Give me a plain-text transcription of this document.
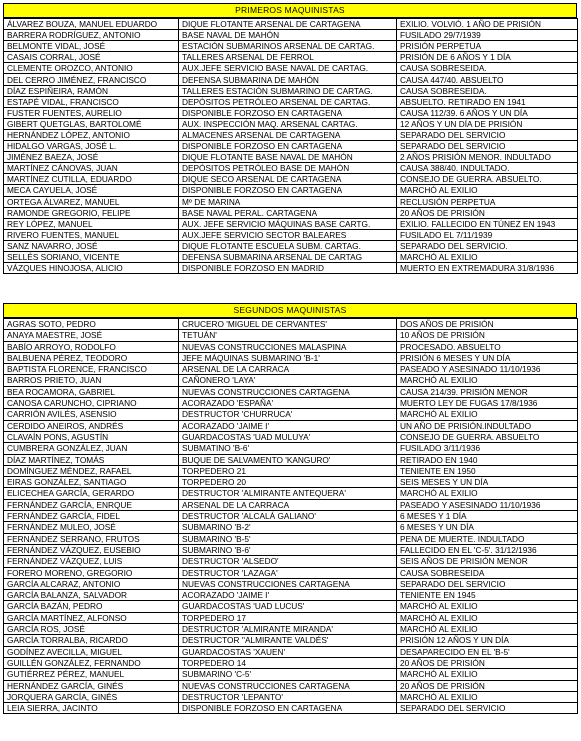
PRIMEROS MAQUINISTAS
ÁLVAREZ BOUZA, MANUEL EDUARDO	DIQUE FLOTANTE ARSENAL DE CARTAGENA	EXILIO. VOLVIÓ. 1 AÑO DE PRISIÓN
BARRERA RODRÍGUEZ, ANTONIO	BASE NAVAL DE MAHÓN	FUSILADO 29/7/1939
BELMONTE VIDAL, JOSÉ	ESTACIÓN SUBMARINOS ARSENAL DE CARTAG.	PRISIÓN PERPETUA
CASAIS CORRAL, JOSÉ	TALLERES ARSENAL DE FERROL	PRISIÓN DE 6 AÑOS Y 1 DÍA
CLEMENTE OROZCO, ANTONIO	AUX.JEFE SERVICIO BASE NAVAL DE CARTAG.	CAUSA SOBRESEIDA.
DEL CERRO JIMÉNEZ, FRANCISCO	DEFENSA SUBMARINA DE MAHÓN	CAUSA 447/40. ABSUELTO
DÍAZ ESPIÑEIRA, RAMÓN	TALLERES ESTACIÓN SUBMARINO DE CARTAG.	CAUSA SOBRESEIDA.
ESTAPÉ VIDAL, FRANCISCO	DEPÓSITOS PETRÓLEO ARSENAL DE CARTAG.	ABSUELTO. RETIRADO EN 1941
FUSTER FUENTES, AURELIO	DISPONIBLE FORZOSO EN CARTAGENA	CAUSA 112/39. 6 AÑOS Y UN DÍA
GIBERT QUETGLAS, BARTOLOMÉ	AUX. INSPECCIÓN MAQ. ARSENAL CARTAG.	12 AÑOS Y UN DÍA DE PRISIÓN
HERNÁNDEZ LÓPEZ, ANTONIO	ALMACENES ARSENAL DE CARTAGENA	SEPARADO DEL SERVICIO
HIDALGO VARGAS, JOSÉ L.	DISPONIBLE FORZOSO EN CARTAGENA	SEPARADO DEL SERVICIO
JIMÉNEZ BAEZA, JOSÉ	DIQUE FLOTANTE BASE NAVAL DE MAHÓN	2 AÑOS PRISIÓN MENOR. INDULTADO
MARTÍNEZ CÁNOVAS, JUAN	DEPÓSITOS PETRÓLEO BASE DE MAHÓN	CAUSA 388/40. INDULTADO.
MARTÍNEZ CUTILLA, EDUARDO	DIQUE SECO ARSENAL DE CARTAGENA	CONSEJO DE GUERRA. ABSUELTO.
MECA CAYUELA, JOSÉ	DISPONIBLE FORZOSO EN CARTAGENA	MARCHÓ AL EXILIO
ORTEGA ÁLVAREZ, MANUEL	Mº DE MARINA	RECLUSIÓN PERPETUA
RAMONDE GREGORIO, FELIPE	BASE NAVAL PERAL. CARTAGENA	20 AÑOS DE PRISIÓN
REY LÓPEZ, MANUEL	AUX. JEFE SERVICIO MÁQUINAS BASE CARTG.	EXILIO. FALLECIDO EN TÚNEZ EN 1943
RIVERO FUENTES, MANUEL	AUX.JEFE SERVICIO SECTOR BALEARES	FUSILADO EL 7/11/1939
SANZ NAVARRO, JOSÉ	DIQUE FLOTANTE ESCUELA SUBM. CARTAG.	SEPARADO DEL SERVICIO.
SELLÉS SORIANO, VICENTE	DEFENSA SUBMARINA ARSENAL DE CARTAG	MARCHÓ AL EXILIO
VÁZQUES HINOJOSA, ALICIO	DISPONIBLE FORZOSO EN MADRID	MUERTO EN EXTREMADURA 31/8/1936
SEGUNDOS MAQUINISTAS
AGRAS SOTO, PEDRO	CRUCERO 'MIGUEL DE CERVANTES'	DOS AÑOS DE PRISIÓN
ANAYA MAESTRE, JOSÉ	TETUÁN'	10 AÑOS DE PRISIÓN
BABÍO ARROYO, RODOLFO	NUEVAS CONSTRUCCIONES MALASPINA	PROCESADO. ABSUELTO
BALBUENA PÉREZ, TEODORO	JEFE MÁQUINAS SUBMARINO 'B-1'	PRISIÓN 6 MESES Y UN DÍA
BAPTISTA FLORENCE, FRANCISCO	ARSENAL DE LA CARRACA	PASEADO Y ASESINADO 11/10/1936
BARROS PRIETO, JUAN	CAÑONERO 'LAYA'	MARCHÓ AL EXILIO
BEA ROCAMORA, GABRIEL	NUEVAS CONSTRUCCIONES CARTAGENA	CAUSA 214/39. PRISIÓN MENOR
CANOSA CARUNCHO, CIPRIANO	ACORAZADO 'ESPAÑA'	MUERTO LEY DE FUGAS 17/8/1936
CARRIÓN AVILÉS, ASENSIO	DESTRUCTOR 'CHURRUCA'	MARCHÓ AL EXILIO
CERDIDO ANEIROS, ANDRÉS	ACORAZADO 'JAIME I'	UN AÑO DE PRISIÓN.INDULTADO
CLAVAÍN PONS, AGUSTÍN	GUARDACOSTAS 'UAD MULUYA'	CONSEJO DE GUERRA. ABSUELTO
CUMBRERA GONZÁLEZ, JUAN	SUBMATINO 'B-6'	FUSILADO 3/11/1936
DÍAZ MARTÍNEZ, TOMÁS	BUQUE DE SALVAMENTO 'KANGURO'	RETIRADO EN 1940
DOMÍNGUEZ MÉNDEZ, RAFAEL	TORPEDERO 21	TENIENTE EN 1950
EIRAS GONZÁLEZ, SANTIAGO	TORPEDERO 20	SEIS MESES Y UN DÍA
ELICECHEA GARCÍA, GERARDO	DESTRUCTOR 'ALMIRANTE ANTEQUERA'	MARCHÓ AL EXILIO
FERNÁNDEZ GARCÍA, ENRQUE	ARSENAL DE LA CARRACA	PASEADO Y ASESINADO 11/10/1936
FERNÁNDEZ GARCÍA, FIDEL	DESTRUCTOR 'ALCALÁ GALIANO'	6 MESES Y 1 DÍA
FERNÁNDEZ MULEO, JOSÉ	SUBMARINO 'B-2'	6 MESES Y UN DÍA
FERNÁNDEZ SERRANO, FRUTOS	SUBMARINO 'B-5'	PENA DE MUERTE. INDULTADO
FERNÁNDEZ VÁZQUEZ, EUSEBIO	SUBMARINO 'B-6'	FALLECIDO EN EL 'C-5'. 31/12/1936
FERNÁNDEZ VÁZQUEZ, LUIS	DESTRUCTOR 'ALSEDO'	SEIS AÑOS DE PRISIÓN MENOR
FORERO MORENO, GREGORIO	DESTRUCTOR 'LAZAGA'	CAUSA SOBRESEIDA
GARCÍA ALCARAZ, ANTONIO	NUEVAS CONSTRUCCIONES CARTAGENA	SEPARADO DEL SERVICIO
GARCÍA BALANZA, SALVADOR	ACORAZADO 'JAIME I'	TENIENTE EN 1945
GARCÍA BAZÁN, PEDRO	GUARDACOSTAS 'UAD LUCUS'	MARCHÓ AL EXILIO
GARCÍA MARTÍNEZ, ALFONSO	TORPEDERO 17	MARCHÓ AL EXILIO
GARCÍA ROS, JOSÉ	DESTRUCTOR 'ALMIRANTE MIRANDA'	MARCHÓ AL EXILIO
GARCÍA TORRALBA, RICARDO	DESTRUCTOR ''ALMIRANTE VALDÉS'	PRISIÓN 12 AÑOS Y UN DÍA
GODÍNEZ AVECILLA, MIGUEL	GUARDACOSTAS 'XAUEN'	DESAPARECIDO EN EL 'B-5'
GUILLÉN GONZÁLEZ, FERNANDO	TORPEDERO 14	20 AÑOS DE PRISIÓN
GUTIÉRREZ PÉREZ, MANUEL	SUBMARINO 'C-5'	MARCHÓ AL EXILIO
HERNÁNDEZ GARCÍA, GINÉS	NUEVAS CONSTRUCCIONES CARTAGENA	20 AÑOS DE PRISIÓN
JORQUERA GARCÍA, GINÉS	DESTRUCTOR 'LEPANTO'	MARCHÓ AL EXILIO
LEIA SIERRA, JACINTO	DISPONIBLE FORZOSO EN CARTAGENA	SEPARADO DEL SERVICIO
